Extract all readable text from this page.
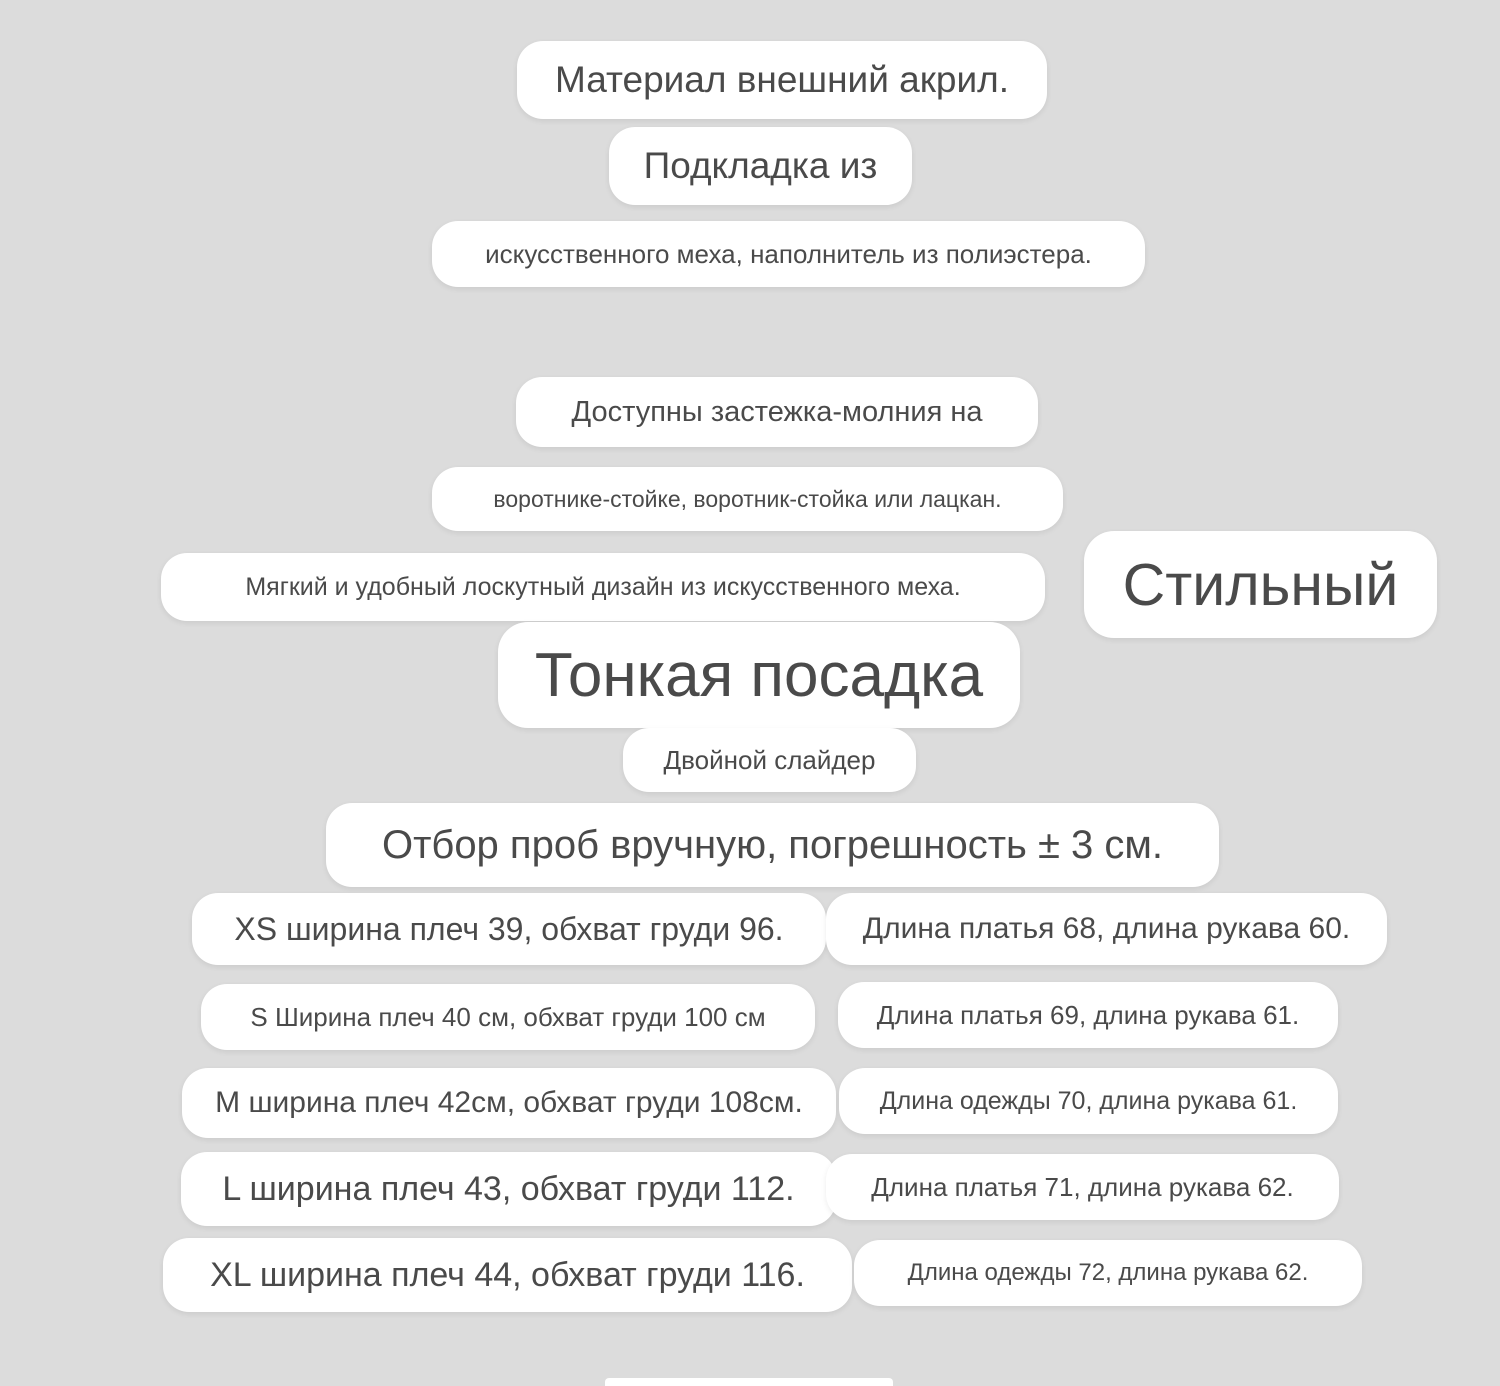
Материал внешний акрил.
Подкладка из
искусственного меха, наполнитель из полиэстера.
Доступны застежка-молния на
воротнике-стойке, воротник-стойка или лацкан.
Мягкий и удобный лоскутный дизайн из искусственного меха.	Стильный
Тонкая посадка
Двойной слайдер
Отбор проб вручную, погрешность ± 3 см.
XS ширина плеч 39, обхват груди 96.	Длина платья 68, длина рукава 60.
S Ширина плеч 40 см, обхват груди 100 см	Длина платья 69, длина рукава 61.
M ширина плеч 42см, обхват груди 108см.	Длина одежды 70, длина рукава 61.
L ширина плеч 43, обхват груди 112.	Длина платья 71, длина рукава 62.
XL ширина плеч 44, обхват груди 116.	Длина одежды 72, длина рукава 62.
